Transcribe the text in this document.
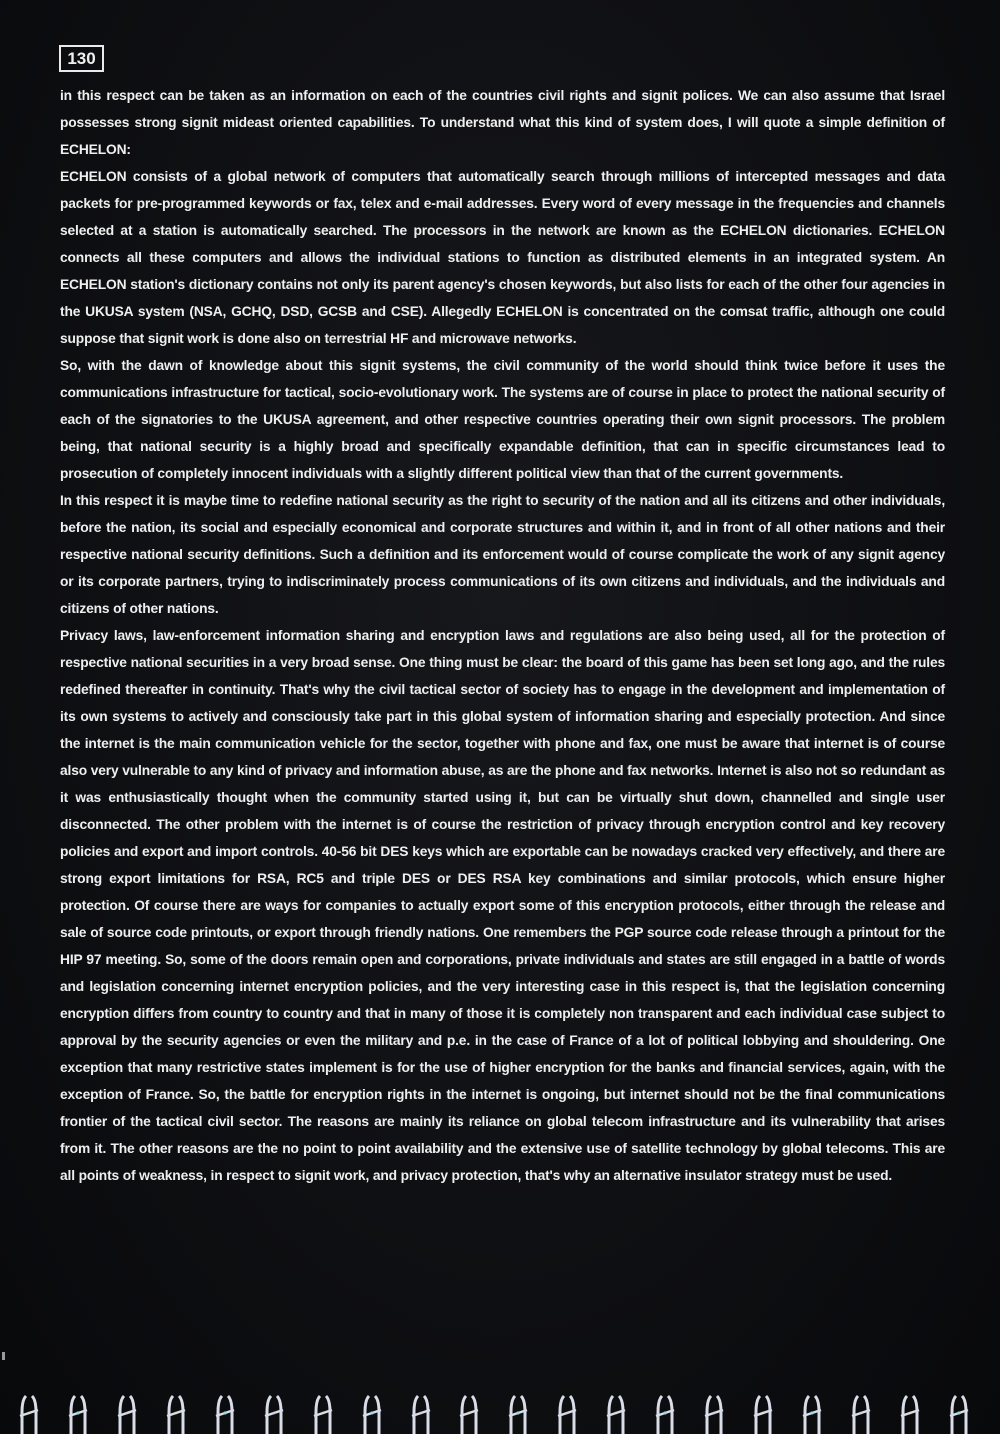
130

in this respect can be taken as an information on each of the countries civil rights and signit polices. We can also assume that Israel possesses strong signit mideast oriented capabilities. To understand what this kind of system does, I will quote a simple definition of ECHELON:

ECHELON consists of a global network of computers that automatically search through millions of intercepted messages and data packets for pre-programmed keywords or fax, telex and e-mail addresses. Every word of every message in the frequencies and channels selected at a station is automatically searched. The processors in the network are known as the ECHELON dictionaries. ECHELON connects all these computers and allows the individual stations to function as distributed elements in an integrated system. An ECHELON station's dictionary contains not only its parent agency's chosen keywords, but also lists for each of the other four agencies in the UKUSA system (NSA, GCHQ, DSD, GCSB and CSE). Allegedly ECHELON is concentrated on the comsat traffic, although one could suppose that signit work is done also on terrestrial HF and microwave networks.

So, with the dawn of knowledge about this signit systems, the civil community of the world should think twice before it uses the communications infrastructure for tactical, socio-evolutionary work. The systems are of course in place to protect the national security of each of the signatories to the UKUSA agreement, and other respective countries operating their own signit processors. The problem being, that national security is a highly broad and specifically expandable definition, that can in specific circumstances lead to prosecution of completely innocent individuals with a slightly different political view than that of the current governments.

In this respect it is maybe time to redefine national security as the right to security of the nation and all its citizens and other individuals, before the nation, its social and especially economical and corporate structures and within it, and in front of all other nations and their respective national security definitions. Such a definition and its enforcement would of course complicate the work of any signit agency or its corporate partners, trying to indiscriminately process communications of its own citizens and individuals, and the individuals and citizens of other nations.

Privacy laws, law-enforcement information sharing and encryption laws and regulations are also being used, all for the protection of respective national securities in a very broad sense. One thing must be clear: the board of this game has been set long ago, and the rules redefined thereafter in continuity. That's why the civil tactical sector of society has to engage in the development and implementation of its own systems to actively and consciously take part in this global system of information sharing and especially protection. And since the internet is the main communication vehicle for the sector, together with phone and fax, one must be aware that internet is of course also very vulnerable to any kind of privacy and information abuse, as are the phone and fax networks. Internet is also not so redundant as it was enthusiastically thought when the community started using it, but can be virtually shut down, channelled and single user disconnected. The other problem with the internet is of course the restriction of privacy through encryption control and key recovery policies and export and import controls. 40-56 bit DES keys which are exportable can be nowadays cracked very effectively, and there are strong export limitations for RSA, RC5 and triple DES or DES RSA key combinations and similar protocols, which ensure higher protection. Of course there are ways for companies to actually export some of this encryption protocols, either through the release and sale of source code printouts, or export through friendly nations. One remembers the PGP source code release through a printout for the HIP 97 meeting. So, some of the doors remain open and corporations, private individuals and states are still engaged in a battle of words and legislation concerning internet encryption policies, and the very interesting case in this respect is, that the legislation concerning encryption differs from country to country and that in many of those it is completely non transparent and each individual case subject to approval by the security agencies or even the military and p.e. in the case of France of a lot of political lobbying and shouldering. One exception that many restrictive states implement is for the use of higher encryption for the banks and financial services, again, with the exception of France. So, the battle for encryption rights in the internet is ongoing, but internet should not be the final communications frontier of the tactical civil sector. The reasons are mainly its reliance on global telecom infrastructure and its vulnerability that arises from it. The other reasons are the no point to point availability and the extensive use of satellite technology by global telecoms. This are all points of weakness, in respect to signit work, and privacy protection, that's why an alternative insulator strategy must be used.
